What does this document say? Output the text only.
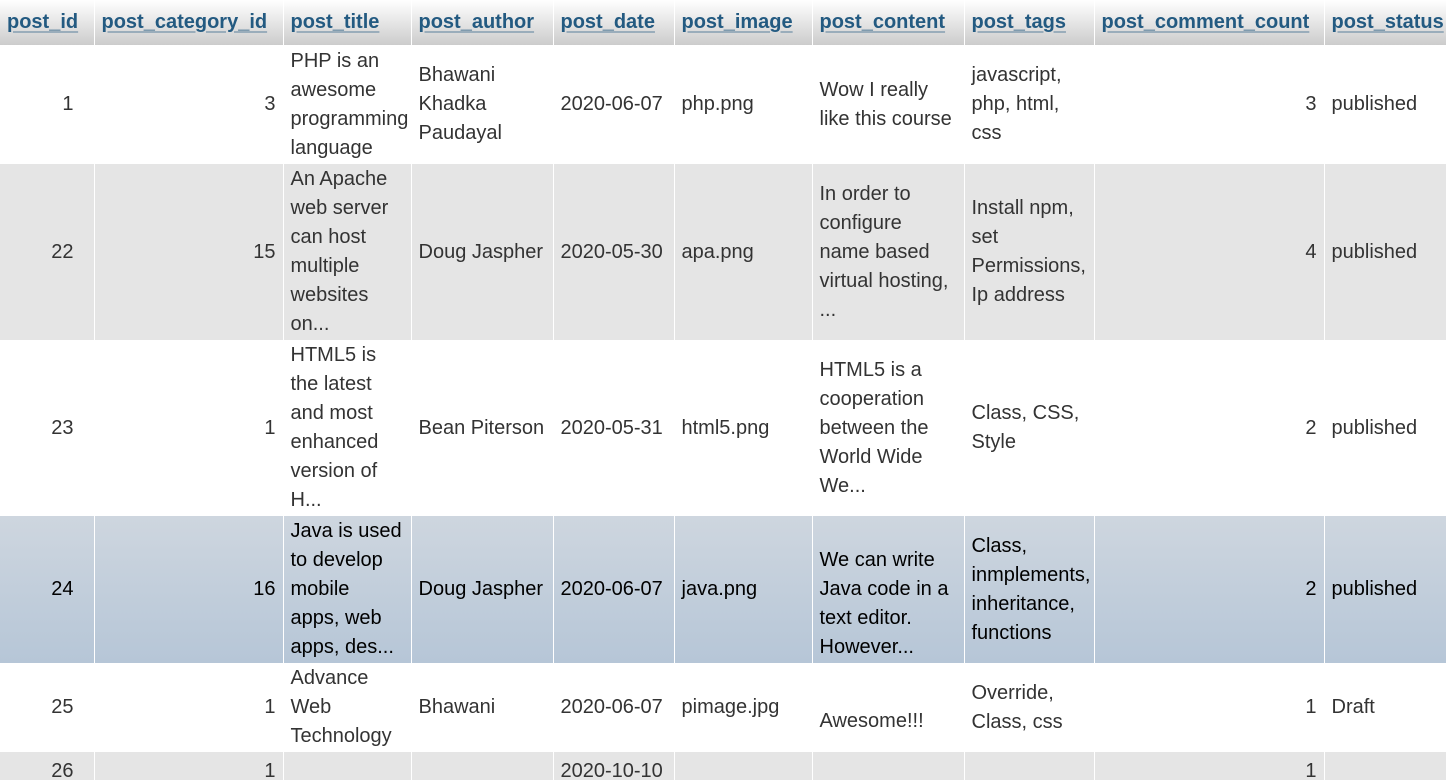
post_id	post_category_id	post_title	post_author	post_date	post_image	post_content	post_tags	post_comment_count	post_status
1	3	PHP is an awesome programming language	Bhawani Khadka Paudayal	2020-06-07	php.png	Wow I really like this course	javascript, php, html, css	3	published
22	15	An Apache web server can host multiple websites on...	Doug Jaspher	2020-05-30	apa.png	In order to configure name based virtual hosting, ...	Install npm, set Permissions, Ip address	4	published
23	1	HTML5 is the latest and most enhanced version of H...	Bean Piterson	2020-05-31	html5.png	HTML5 is a cooperation between the World Wide We...	Class, CSS, Style	2	published
24	16	Java is used to develop mobile apps, web apps, des...	Doug Jaspher	2020-06-07	java.png	We can write Java code in a text editor. However...	Class, inmplements, inheritance, functions	2	published
25	1	Advance Web Technology	Bhawani	2020-06-07	pimage.jpg	Awesome!!!	Override, Class, css	1	Draft
26	1			2020-10-10				1	
